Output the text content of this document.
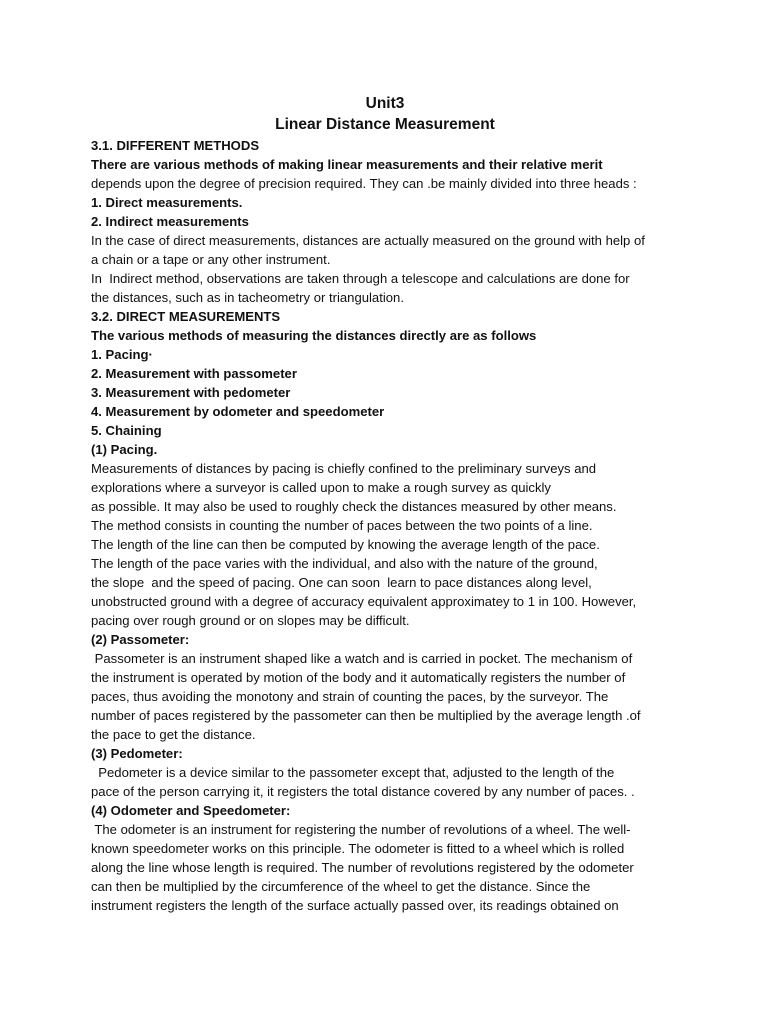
Unit3
Linear Distance Measurement
3.1. DIFFERENT METHODS
There are various methods of making linear measurements and their relative merit
depends upon the degree of precision required. They can .be mainly divided into three heads :
1. Direct measurements.
2. Indirect measurements
In the case of direct measurements, distances are actually measured on the ground with help of
a chain or a tape or any other instrument.
In  Indirect method, observations are taken through a telescope and calculations are done for
the distances, such as in tacheometry or triangulation.
3.2. DIRECT MEASUREMENTS
The various methods of measuring the distances directly are as follows
1. Pacing·
2. Measurement with passometer
3. Measurement with pedometer
4. Measurement by odometer and speedometer
5. Chaining
(1) Pacing.
Measurements of distances by pacing is chiefly confined to the preliminary surveys and
explorations where a surveyor is called upon to make a rough survey as quickly
as possible. It may also be used to roughly check the distances measured by other means.
The method consists in counting the number of paces between the two points of a line.
The length of the line can then be computed by knowing the average length of the pace.
The length of the pace varies with the individual, and also with the nature of the ground,
the slope  and the speed of pacing. One can soon  learn to pace distances along level,
unobstructed ground with a degree of accuracy equivalent approximatey to 1 in 100. However,
pacing over rough ground or on slopes may be difficult.
(2) Passometer:
Passometer is an instrument shaped like a watch and is carried in pocket. The mechanism of
the instrument is operated by motion of the body and it automatically registers the number of
paces, thus avoiding the monotony and strain of counting the paces, by the surveyor. The
number of paces registered by the passometer can then be multiplied by the average length .of
the pace to get the distance.
(3) Pedometer:
Pedometer is a device similar to the passometer except that, adjusted to the length of the
pace of the person carrying it, it registers the total distance covered by any number of paces. .
(4) Odometer and Speedometer:
The odometer is an instrument for registering the number of revolutions of a wheel. The well-
known speedometer works on this principle. The odometer is fitted to a wheel which is rolled
along the line whose length is required. The number of revolutions registered by the odometer
can then be multiplied by the circumference of the wheel to get the distance. Since the
instrument registers the length of the surface actually passed over, its readings obtained on
